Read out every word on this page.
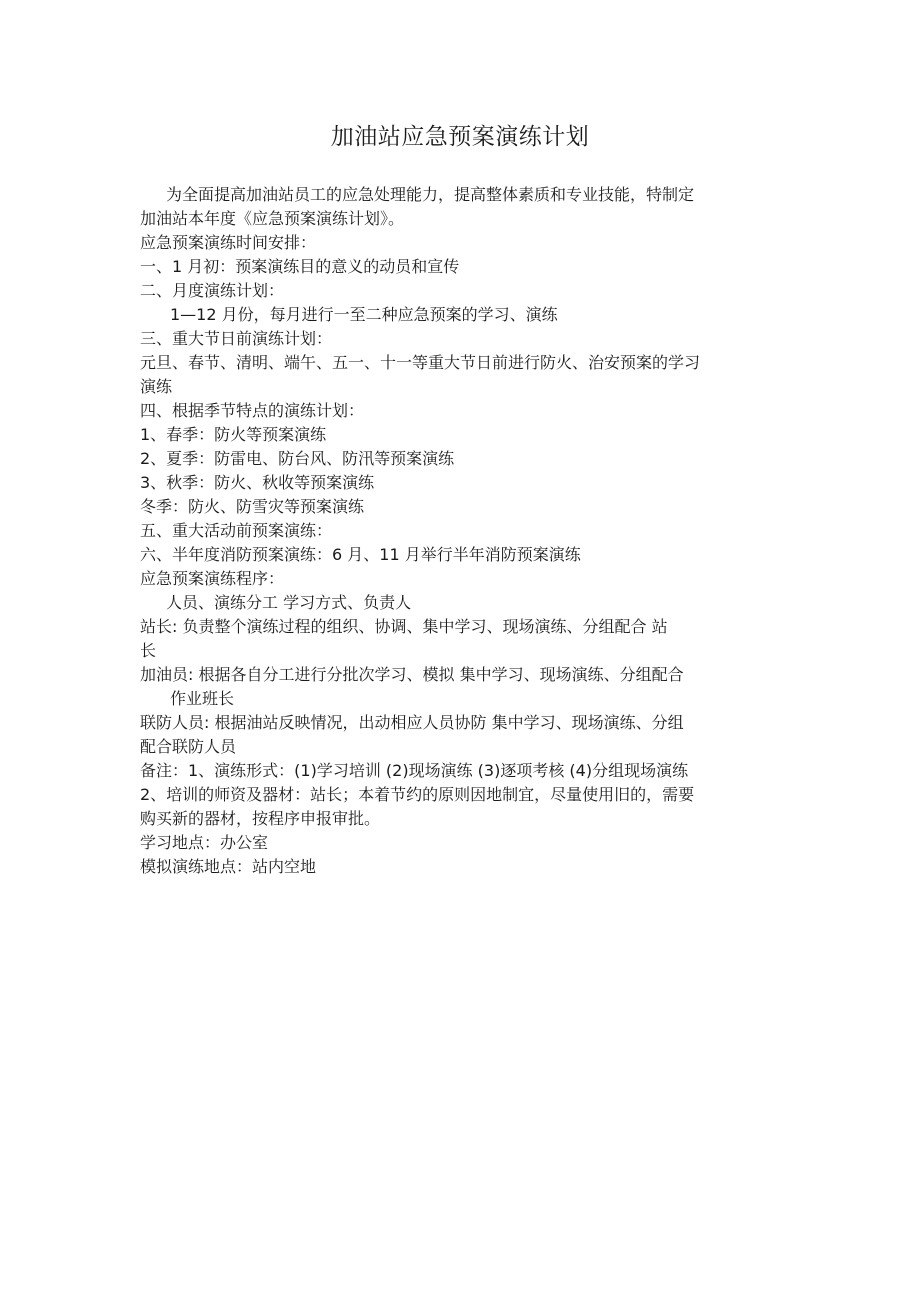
加油站应急预案演练计划
为全面提高加油站员工的应急处理能力，提高整体素质和专业技能，特制定
加油站本年度《应急预案演练计划》。
应急预案演练时间安排：
一、1 月初：预案演练目的意义的动员和宣传
二、月度演练计划：
1—12 月份，每月进行一至二种应急预案的学习、演练
三、重大节日前演练计划：
元旦、春节、清明、端午、五一、十一等重大节日前进行防火、治安预案的学习
演练
四、根据季节特点的演练计划：
1、春季：防火等预案演练
2、夏季：防雷电、防台风、防汛等预案演练
3、秋季：防火、秋收等预案演练
冬季：防火、防雪灾等预案演练
五、重大活动前预案演练：
六、半年度消防预案演练：6 月、11 月举行半年消防预案演练
应急预案演练程序：
人员、演练分工 学习方式、负责人
站长: 负责整个演练过程的组织、协调、集中学习、现场演练、分组配合 站
长
加油员: 根据各自分工进行分批次学习、模拟 集中学习、现场演练、分组配合
作业班长
联防人员: 根据油站反映情况，出动相应人员协防 集中学习、现场演练、分组
配合联防人员
备注：1、演练形式：(1)学习培训 (2)现场演练 (3)逐项考核 (4)分组现场演练
2、培训的师资及器材：站长；本着节约的原则因地制宜，尽量使用旧的，需要
购买新的器材，按程序申报审批。
学习地点：办公室
模拟演练地点：站内空地
